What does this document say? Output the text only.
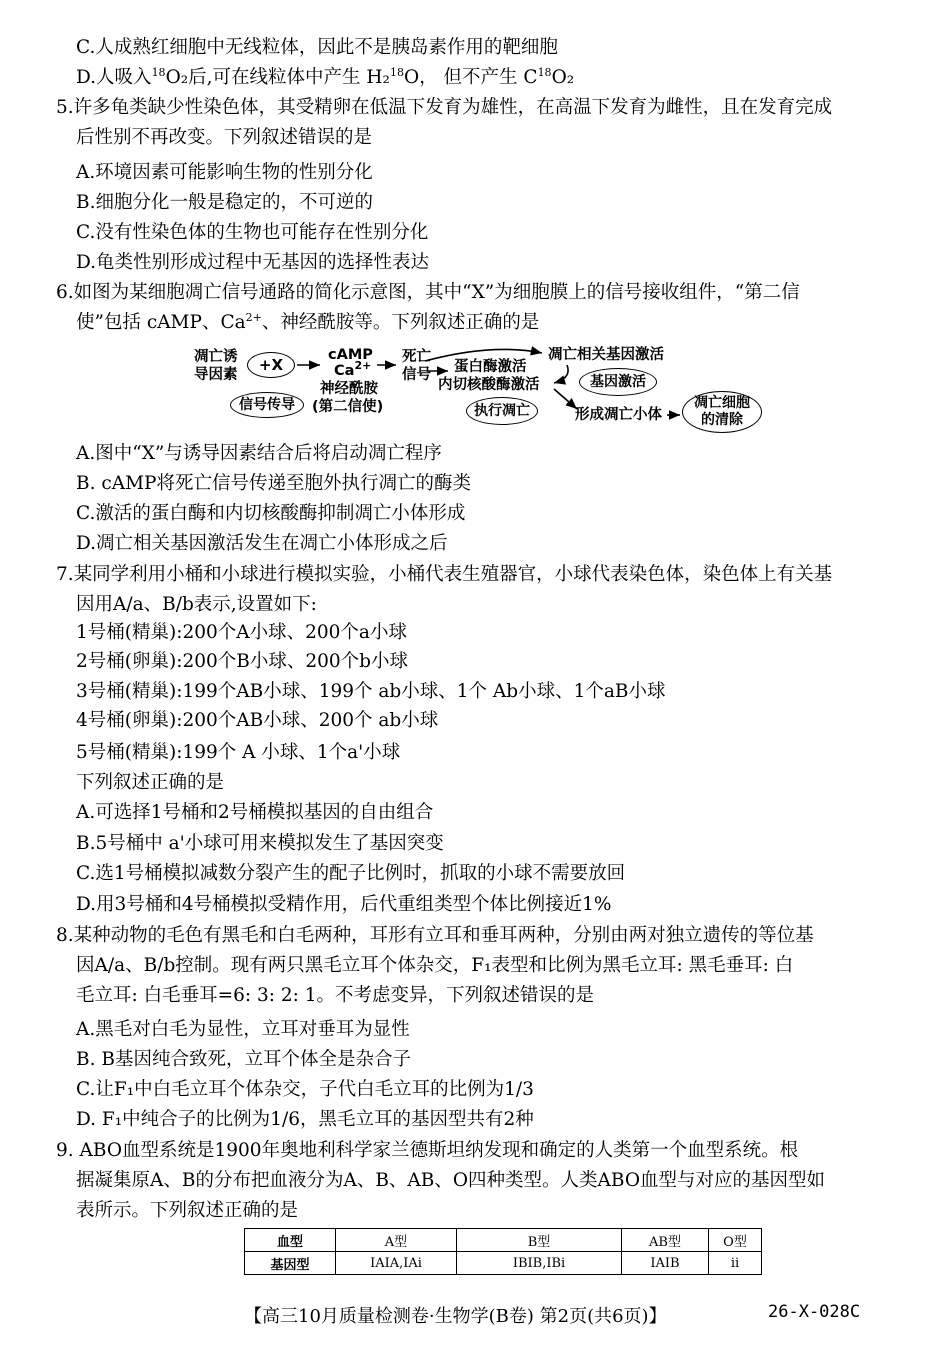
C.人成熟红细胞中无线粒体，因此不是胰岛素作用的靶细胞
D.人吸入$^{18}$O₂后,可在线粒体中产生 H₂$^{18}$O， 但不产生 $C^{18}O_2$
5.许多龟类缺少性染色体，其受精卵在低温下发育为雄性，在高温下发育为雌性，且在发育完成
后性别不再改变。下列叙述错误的是
A.环境因素可能影响生物的性别分化
B.细胞分化一般是稳定的，不可逆的
C.没有性染色体的生物也可能存在性别分化
D.龟类性别形成过程中无基因的选择性表达
6.如图为某细胞凋亡信号通路的简化示意图，其中“X”为细胞膜上的信号接收组件，“第二信
使”包括 cAMP、$Ca^{2+}$、神经酰胺等。下列叙述正确的是
凋亡诱
导因素
+X
信号传导
cAMP
$Ca^{2+}$
神经酰胺
(第二信使)
死亡
信号 蛋白酶激活
内切核酸酶激活
执行凋亡
凋亡相关基因激活
基因激活
形成凋亡小体
凋亡细胞
的清除
A.图中“X”与诱导因素结合后将启动凋亡程序
B. cAMP将死亡信号传递至胞外执行凋亡的酶类
C.激活的蛋白酶和内切核酸酶抑制凋亡小体形成
D.凋亡相关基因激活发生在凋亡小体形成之后
7.某同学利用小桶和小球进行模拟实验，小桶代表生殖器官，小球代表染色体，染色体上有关基
因用A/a、B/b表示,设置如下:
1号桶(精巢):200个A小球、200个a小球
2号桶(卵巢):200个B小球、200个b小球
3号桶(精巢):199个AB小球、199个 ab小球、1个 Ab小球、1个aB小球
4号桶(卵巢):200个AB小球、200个 ab小球
5号桶(精巢):199个 A 小球、1个a'小球
下列叙述正确的是
A.可选择1号桶和2号桶模拟基因的自由组合
B.5号桶中 a'小球可用来模拟发生了基因突变
C.选1号桶模拟减数分裂产生的配子比例时，抓取的小球不需要放回
D.用3号桶和4号桶模拟受精作用，后代重组类型个体比例接近1%
8.某种动物的毛色有黑毛和白毛两种，耳形有立耳和垂耳两种，分别由两对独立遗传的等位基
因A/a、B/b控制。现有两只黑毛立耳个体杂交，F₁表型和比例为黑毛立耳: 黑毛垂耳: 白
毛立耳: 白毛垂耳=6: 3: 2: 1。不考虑变异，下列叙述错误的是
A.黑毛对白毛为显性，立耳对垂耳为显性
B. B基因纯合致死，立耳个体全是杂合子
C.让F₁中白毛立耳个体杂交，子代白毛立耳的比例为1/3
D. F₁中纯合子的比例为1/6，黑毛立耳的基因型共有2种
9. ABO血型系统是1900年奥地利科学家兰德斯坦纳发现和确定的人类第一个血型系统。根
据凝集原A、B的分布把血液分为A、B、AB、O四种类型。人类ABO血型与对应的基因型如
表所示。下列叙述正确的是
血型	A型	B型	AB型	O型
基因型	IAIA,IAi	IBIB,IBi	IAIB	ii
【高三10月质量检测卷·生物学(B卷) 第2页(共6页)】	26-X-028C
